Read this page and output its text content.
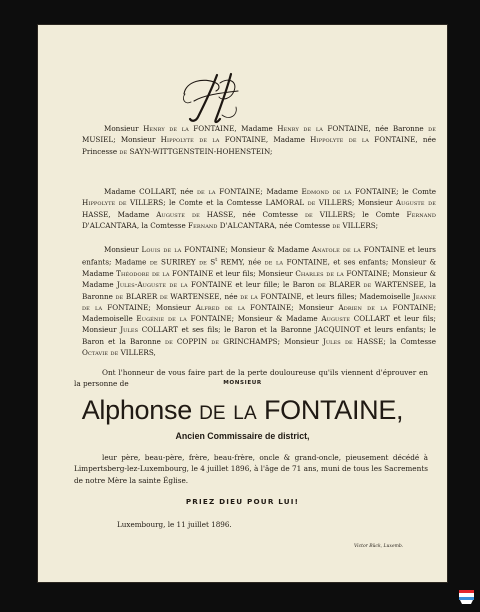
Monsieur Henry de la FONTAINE, Madame Henry de la FONTAINE, née Baronne de MUSIEL; Monsieur Hippolyte de la FONTAINE, Madame Hippolyte de la FONTAINE, née Princesse de SAYN-WITTGENSTEIN-HOHENSTEIN;

Madame COLLART, née de la FONTAINE; Madame Edmond de la FONTAINE; le Comte Hippolyte de VILLERS; le Comte et la Comtesse LAMORAL de VILLERS; Monsieur Auguste de HASSE, Madame Auguste de HASSE, née Comtesse de VILLERS; le Comte Fernand D'ALCANTARA, la Comtesse Fernand D'ALCANTARA, née Comtesse de VILLERS;

Monsieur Louis de la FONTAINE; Monsieur & Madame Anatole de la FONTAINE et leurs enfants; Madame de SURIREY de $S^t$ REMY, née de la FONTAINE, et ses enfants; Monsieur & Madame Théodore de la FONTAINE et leur fils; Monsieur Charles de la FONTAINE; Monsieur & Madame Jules-Auguste de la FONTAINE et leur fille; le Baron de BLARER de WARTENSEE, la Baronne de BLARER de WARTENSEE, née de la FONTAINE, et leurs filles; Mademoiselle Jeanne de la FONTAINE; Monsieur Alfred de la FONTAINE; Monsieur Adrien de la FONTAINE; Mademoiselle Eugénie de la FONTAINE; Monsieur & Madame Auguste COLLART et leur fils; Monsieur Jules COLLART et ses fils; le Baron et la Baronne JACQUINOT et leurs enfants; le Baron et la Baronne de COPPIN de GRINCHAMPS; Monsieur Jules de HASSE; la Comtesse Octavie de VILLERS,

Ont l'honneur de vous faire part de la perte douloureuse qu'ils viennent d'éprouver en la personne de	MONSIEUR
Alphonse de la FONTAINE,
Ancien Commissaire de district,

leur père, beau-père, frère, beau-frère, oncle & grand-oncle, pieusement décédé à Limpertsberg-lez-Luxembourg, le 4 juillet 1896, à l'âge de 71 ans, muni de tous les Sacrements de notre Mère la sainte Église.

PRIEZ DIEU POUR LUI!
Luxembourg, le 11 juillet 1896.
Victor Bück, Luxemb.
